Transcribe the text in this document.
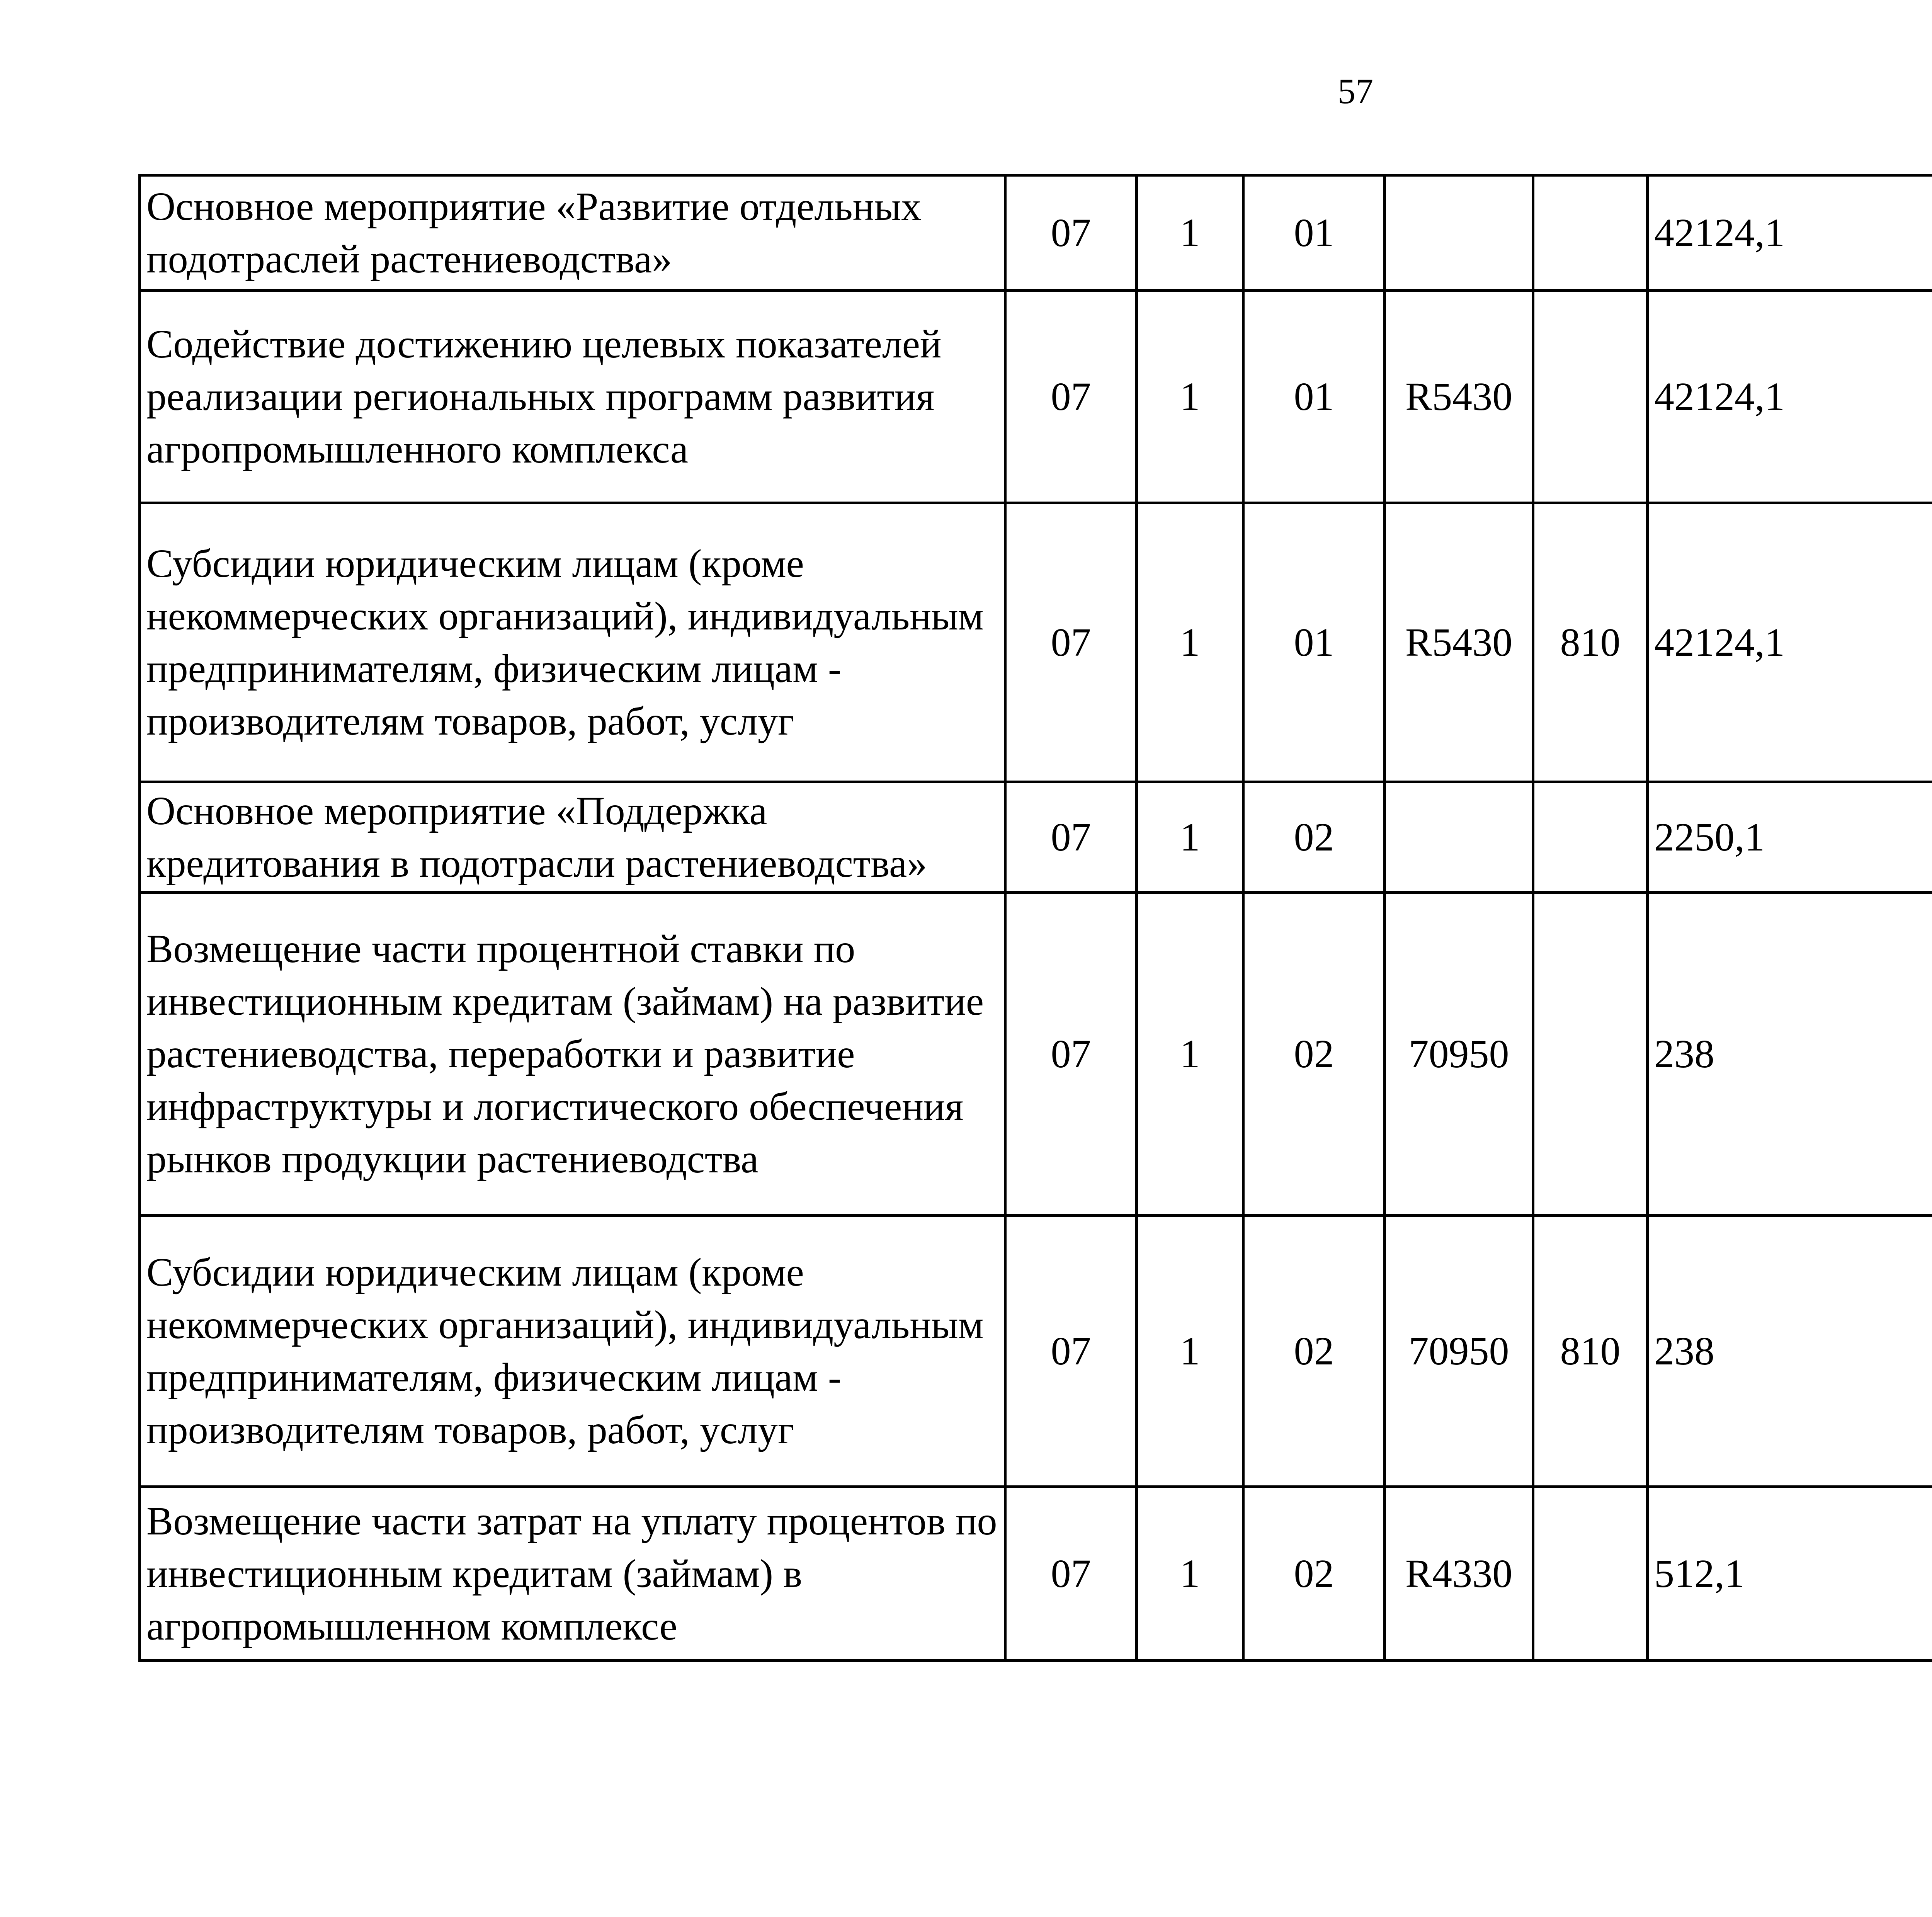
57
Основное мероприятие «Развитие отдельных подотраслей растениеводства»	07	1	01			42124,1		
Содействие достижению целевых показателей реализации региональных программ развития агропромышленного комплекса	07	1	01	R5430		42124,1		
Субсидии юридическим лицам (кроме некоммерческих организаций), индивидуальным предпринимателям, физическим лицам - производителям товаров, работ, услуг	07	1	01	R5430	810	42124,1		
Основное мероприятие «Поддержка кредитования в подотрасли растениеводства»	07	1	02			2250,1		
Возмещение части процентной ставки по инвестиционным кредитам (займам) на развитие растениеводства, переработки и развитие инфраструктуры и логистического обеспечения рынков продукции растениеводства	07	1	02	70950		238		
Субсидии юридическим лицам (кроме некоммерческих организаций), индивидуальным предпринимателям, физическим лицам - производителям товаров, работ, услуг	07	1	02	70950	810	238		
Возмещение части затрат на уплату процентов по инвестиционным кредитам (займам) в агропромышленном комплексе	07	1	02	R4330		512,1		
